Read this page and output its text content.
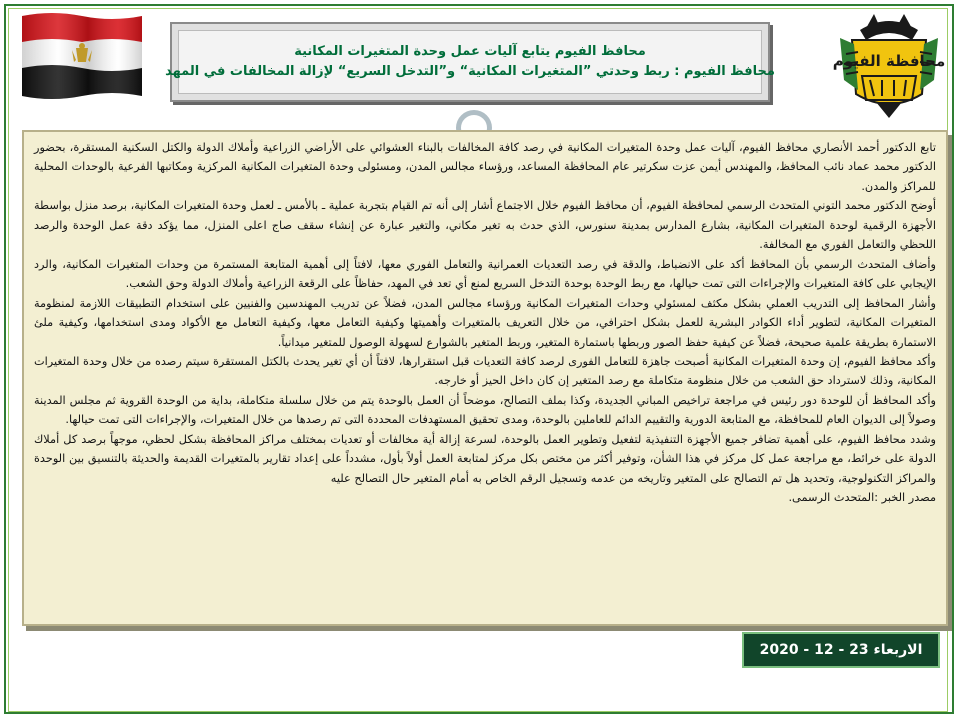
محافظة الفيوم
محافظ الفيوم يتابع آليات عمل وحدة المتغيرات المكانية
محافظ الفيوم : ربط وحدتي ”المتغيرات المكانية“ و”التدخل السريع“ لإزالة المخالفات في المهد

تابع الدكتور أحمد الأنصاري محافظ الفيوم، آليات عمل وحدة المتغيرات المكانية في رصد كافة المخالفات بالبناء العشوائي على الأراضي الزراعية وأملاك الدولة والكتل السكنية المستقرة، بحضور الدكتور محمد عماد نائب المحافظ، والمهندس أيمن عزت سكرتير عام المحافظة المساعد، ورؤساء مجالس المدن، ومسئولى وحدة المتغيرات المكانية المركزية ومكاتبها الفرعية بالوحدات المحلية للمراكز والمدن.

أوضح الدكتور محمد التوني المتحدث الرسمي لمحافظة الفيوم، أن محافظ الفيوم خلال الاجتماع أشار إلى أنه تم القيام بتجربة عملية ـ بالأمس ـ لعمل وحدة المتغيرات المكانية، برصد منزل بواسطة الأجهزة الرقمية لوحدة المتغيرات المكانية، بشارع المدارس بمدينة سنورس، الذي حدث به تغير مكاني، والتغير عبارة عن إنشاء سقف صاج اعلى المنزل، مما يؤكد دقة عمل الوحدة والرصد اللحظي والتعامل الفوري مع المخالفة.

وأضاف المتحدث الرسمي بأن المحافظ أكد على الانضباط، والدقة في رصد التعديات العمرانية والتعامل الفوري معها، لافتاً إلى أهمية المتابعة المستمرة من وحدات المتغيرات المكانية، والرد الإيجابي على كافة المتغيرات والإجراءات التى تمت حيالها، مع ربط الوحدة بوحدة التدخل السريع لمنع أي تعد في المهد، حفاظاً على الرقعة الزراعية وأملاك الدولة وحق الشعب.

وأشار المحافظ إلى التدريب العملي بشكل مكثف لمسئولي وحدات المتغيرات المكانية ورؤساء مجالس المدن، فضلاً عن تدريب المهندسين والفنيين على استخدام التطبيقات اللازمة لمنظومة المتغيرات المكانية، لتطوير أداء الكوادر البشرية للعمل بشكل احترافي، من خلال التعريف بالمتغيرات وأهميتها وكيفية التعامل معها، وكيفية التعامل مع الأكواد ومدى استخدامها، وكيفية ملئ الاستمارة بطريقة علمية صحيحة، فضلاً عن كيفية حفظ الصور وربطها باستمارة المتغير، وربط المتغير بالشوارع لسهولة الوصول للمتغير ميدانياً.

وأكد محافظ الفيوم، إن وحدة المتغيرات المكانية أصبحت جاهزة للتعامل الفورى لرصد كافة التعديات قبل استقرارها، لافتاً أن أي تغير يحدث بالكتل المستقرة سيتم رصده من خلال وحدة المتغيرات المكانية، وذلك لاسترداد حق الشعب من خلال منظومة متكاملة مع رصد المتغير إن كان داخل الحيز أو خارجه.

وأكد المحافظ أن للوحدة دور رئيس في مراجعة تراخيص المباني الجديدة، وكذا بملف التصالح، موضحاً أن العمل بالوحدة يتم من خلال سلسلة متكاملة، بداية من الوحدة القروية ثم مجلس المدينة وصولاً إلى الديوان العام للمحافظة، مع المتابعة الدورية والتقييم الدائم للعاملين بالوحدة، ومدى تحقيق المستهدفات المحددة التى تم رصدها من خلال المتغيرات، والإجراءات التى تمت حيالها.

وشدد محافظ الفيوم، على أهمية تضافر جميع الأجهزة التنفيذية لتفعيل وتطوير العمل بالوحدة، لسرعة إزالة أية مخالفات أو تعديات بمختلف مراكز المحافظة بشكل لحظي، موجهاً برصد كل أملاك الدولة على خرائط، مع مراجعة عمل كل مركز في هذا الشأن، وتوفير أكثر من مختص بكل مركز لمتابعة العمل أولاً بأول، مشدداً على إعداد تقارير بالمتغيرات القديمة والحديثة بالتنسيق بين الوحدة والمراكز التكنولوجية، وتحديد هل تم التصالح على المتغير وتاريخه من عدمه وتسجيل الرقم الخاص به أمام المتغير حال التصالح عليه

مصدر الخبر :المتحدث الرسمى.

الاربعاء 23 - 12 - 2020
